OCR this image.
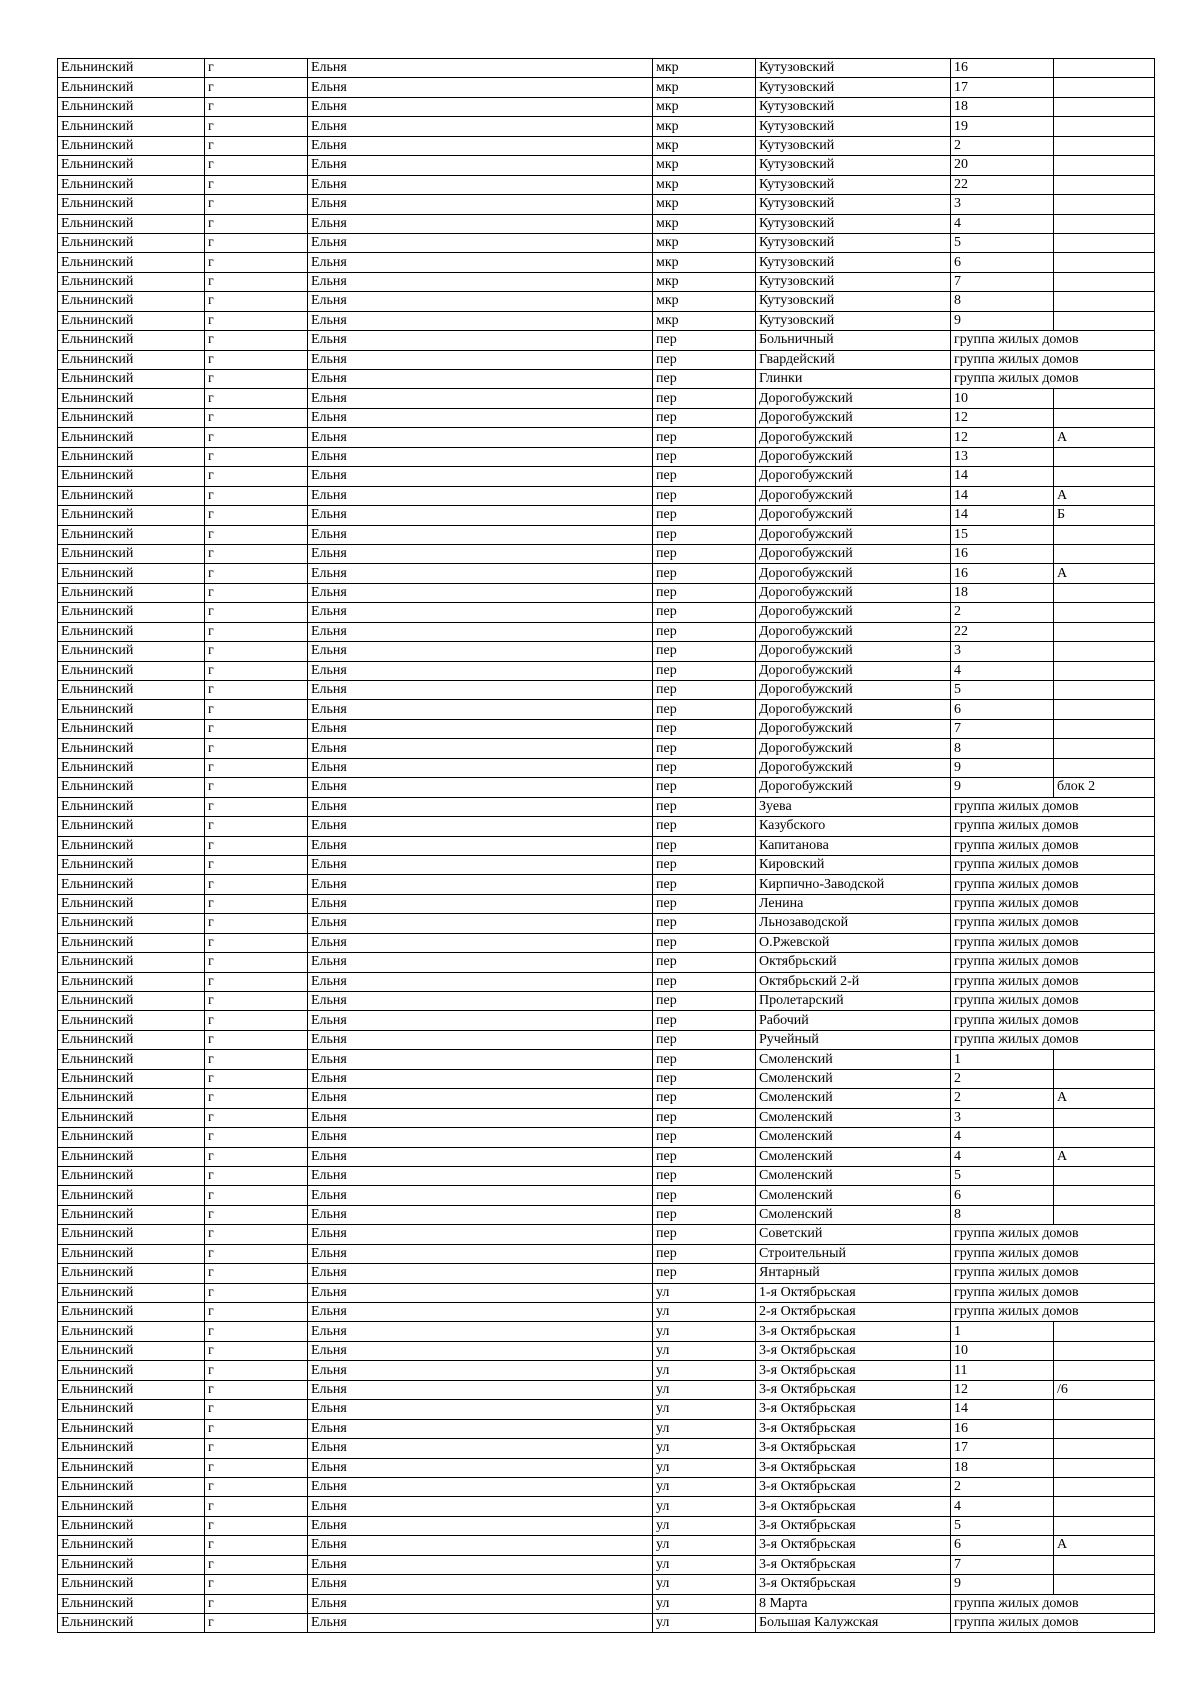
Ельнинский	г	Ельня	мкр	Кутузовский	16	
Ельнинский	г	Ельня	мкр	Кутузовский	17	
Ельнинский	г	Ельня	мкр	Кутузовский	18	
Ельнинский	г	Ельня	мкр	Кутузовский	19	
Ельнинский	г	Ельня	мкр	Кутузовский	2	
Ельнинский	г	Ельня	мкр	Кутузовский	20	
Ельнинский	г	Ельня	мкр	Кутузовский	22	
Ельнинский	г	Ельня	мкр	Кутузовский	3	
Ельнинский	г	Ельня	мкр	Кутузовский	4	
Ельнинский	г	Ельня	мкр	Кутузовский	5	
Ельнинский	г	Ельня	мкр	Кутузовский	6	
Ельнинский	г	Ельня	мкр	Кутузовский	7	
Ельнинский	г	Ельня	мкр	Кутузовский	8	
Ельнинский	г	Ельня	мкр	Кутузовский	9	
Ельнинский	г	Ельня	пер	Больничный	группа жилых домов	
Ельнинский	г	Ельня	пер	Гвардейский	группа жилых домов	
Ельнинский	г	Ельня	пер	Глинки	группа жилых домов	
Ельнинский	г	Ельня	пер	Дорогобужский	10	
Ельнинский	г	Ельня	пер	Дорогобужский	12	
Ельнинский	г	Ельня	пер	Дорогобужский	12	А
Ельнинский	г	Ельня	пер	Дорогобужский	13	
Ельнинский	г	Ельня	пер	Дорогобужский	14	
Ельнинский	г	Ельня	пер	Дорогобужский	14	А
Ельнинский	г	Ельня	пер	Дорогобужский	14	Б
Ельнинский	г	Ельня	пер	Дорогобужский	15	
Ельнинский	г	Ельня	пер	Дорогобужский	16	
Ельнинский	г	Ельня	пер	Дорогобужский	16	А
Ельнинский	г	Ельня	пер	Дорогобужский	18	
Ельнинский	г	Ельня	пер	Дорогобужский	2	
Ельнинский	г	Ельня	пер	Дорогобужский	22	
Ельнинский	г	Ельня	пер	Дорогобужский	3	
Ельнинский	г	Ельня	пер	Дорогобужский	4	
Ельнинский	г	Ельня	пер	Дорогобужский	5	
Ельнинский	г	Ельня	пер	Дорогобужский	6	
Ельнинский	г	Ельня	пер	Дорогобужский	7	
Ельнинский	г	Ельня	пер	Дорогобужский	8	
Ельнинский	г	Ельня	пер	Дорогобужский	9	
Ельнинский	г	Ельня	пер	Дорогобужский	9	блок 2
Ельнинский	г	Ельня	пер	Зуева	группа жилых домов	
Ельнинский	г	Ельня	пер	Казубского	группа жилых домов	
Ельнинский	г	Ельня	пер	Капитанова	группа жилых домов	
Ельнинский	г	Ельня	пер	Кировский	группа жилых домов	
Ельнинский	г	Ельня	пер	Кирпично-Заводской	группа жилых домов	
Ельнинский	г	Ельня	пер	Ленина	группа жилых домов	
Ельнинский	г	Ельня	пер	Льнозаводской	группа жилых домов	
Ельнинский	г	Ельня	пер	О.Ржевской	группа жилых домов	
Ельнинский	г	Ельня	пер	Октябрьский	группа жилых домов	
Ельнинский	г	Ельня	пер	Октябрьский 2-й	группа жилых домов	
Ельнинский	г	Ельня	пер	Пролетарский	группа жилых домов	
Ельнинский	г	Ельня	пер	Рабочий	группа жилых домов	
Ельнинский	г	Ельня	пер	Ручейный	группа жилых домов	
Ельнинский	г	Ельня	пер	Смоленский	1	
Ельнинский	г	Ельня	пер	Смоленский	2	
Ельнинский	г	Ельня	пер	Смоленский	2	А
Ельнинский	г	Ельня	пер	Смоленский	3	
Ельнинский	г	Ельня	пер	Смоленский	4	
Ельнинский	г	Ельня	пер	Смоленский	4	А
Ельнинский	г	Ельня	пер	Смоленский	5	
Ельнинский	г	Ельня	пер	Смоленский	6	
Ельнинский	г	Ельня	пер	Смоленский	8	
Ельнинский	г	Ельня	пер	Советский	группа жилых домов	
Ельнинский	г	Ельня	пер	Строительный	группа жилых домов	
Ельнинский	г	Ельня	пер	Янтарный	группа жилых домов	
Ельнинский	г	Ельня	ул	1-я Октябрьская	группа жилых домов	
Ельнинский	г	Ельня	ул	2-я Октябрьская	группа жилых домов	
Ельнинский	г	Ельня	ул	3-я Октябрьская	1	
Ельнинский	г	Ельня	ул	3-я Октябрьская	10	
Ельнинский	г	Ельня	ул	3-я Октябрьская	11	
Ельнинский	г	Ельня	ул	3-я Октябрьская	12	/6
Ельнинский	г	Ельня	ул	3-я Октябрьская	14	
Ельнинский	г	Ельня	ул	3-я Октябрьская	16	
Ельнинский	г	Ельня	ул	3-я Октябрьская	17	
Ельнинский	г	Ельня	ул	3-я Октябрьская	18	
Ельнинский	г	Ельня	ул	3-я Октябрьская	2	
Ельнинский	г	Ельня	ул	3-я Октябрьская	4	
Ельнинский	г	Ельня	ул	3-я Октябрьская	5	
Ельнинский	г	Ельня	ул	3-я Октябрьская	6	А
Ельнинский	г	Ельня	ул	3-я Октябрьская	7	
Ельнинский	г	Ельня	ул	3-я Октябрьская	9	
Ельнинский	г	Ельня	ул	8 Марта	группа жилых домов	
Ельнинский	г	Ельня	ул	Большая Калужская	группа жилых домов	
